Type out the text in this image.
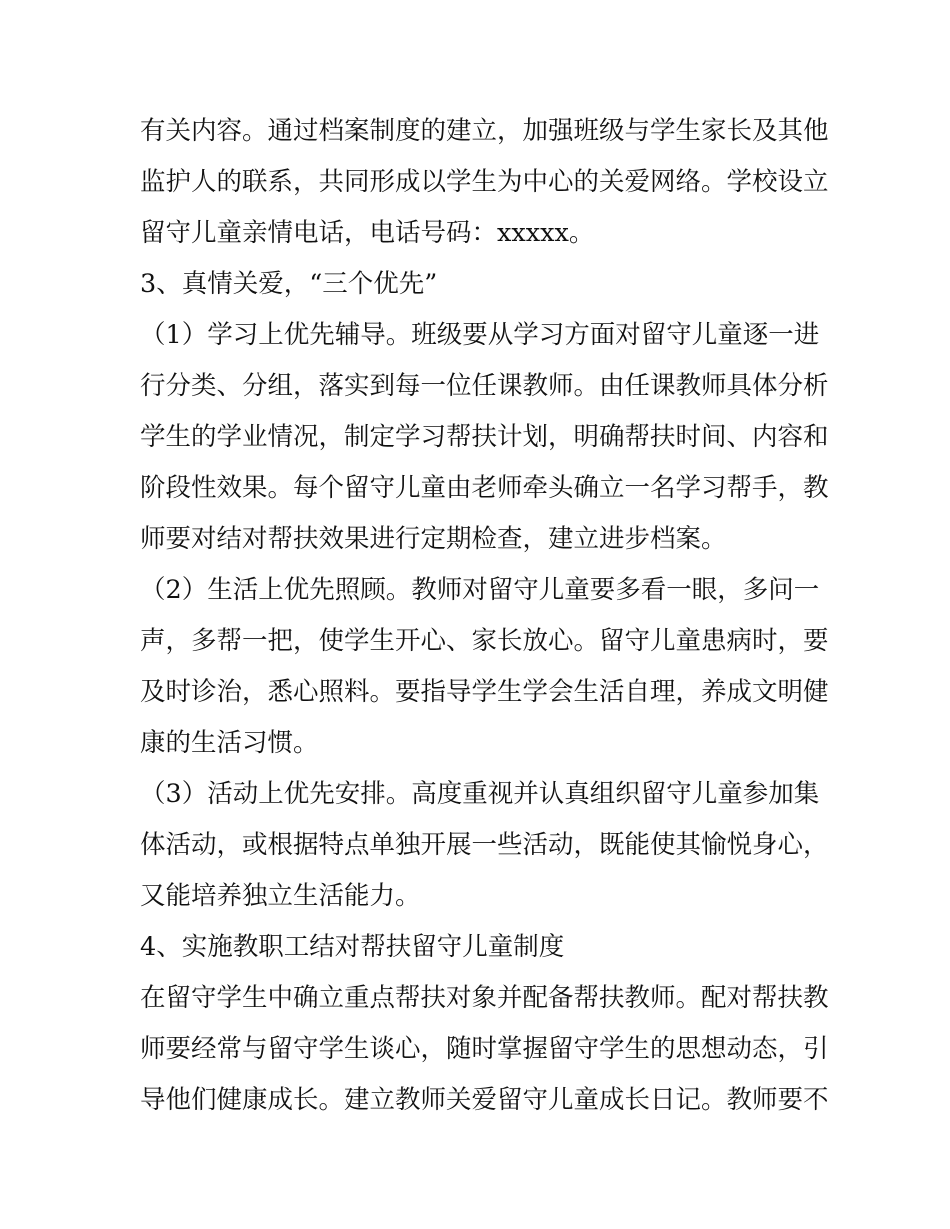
有关内容。通过档案制度的建立，加强班级与学生家长及其他
监护人的联系，共同形成以学生为中心的关爱网络。学校设立
留守儿童亲情电话，电话号码：xxxxx。
3、真情关爱，“三个优先”
（1）学习上优先辅导。班级要从学习方面对留守儿童逐一进
行分类、分组，落实到每一位任课教师。由任课教师具体分析
学生的学业情况，制定学习帮扶计划，明确帮扶时间、内容和
阶段性效果。每个留守儿童由老师牵头确立一名学习帮手，教
师要对结对帮扶效果进行定期检查，建立进步档案。
（2）生活上优先照顾。教师对留守儿童要多看一眼，多问一
声，多帮一把，使学生开心、家长放心。留守儿童患病时，要
及时诊治，悉心照料。要指导学生学会生活自理，养成文明健
康的生活习惯。
（3）活动上优先安排。高度重视并认真组织留守儿童参加集
体活动，或根据特点单独开展一些活动，既能使其愉悦身心，
又能培养独立生活能力。
4、实施教职工结对帮扶留守儿童制度
在留守学生中确立重点帮扶对象并配备帮扶教师。配对帮扶教
师要经常与留守学生谈心，随时掌握留守学生的思想动态，引
导他们健康成长。建立教师关爱留守儿童成长日记。教师要不
